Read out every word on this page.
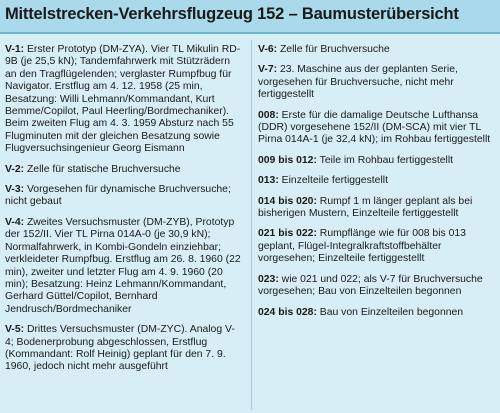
Mittelstrecken-Verkehrsflugzeug 152 – Baumusterübersicht

V-1: Erster Prototyp (DM-ZYA). Vier TL Mikulin RD-9B (je 25,5 kN); Tandemfahrwerk mit Stützrädern an den Tragflügelenden; verglaster Rumpfbug für Navigator. Erstflug am 4. 12. 1958 (25 min, Besatzung: Willi Lehmann/Kommandant, Kurt Bemme/Copilot, Paul Heerling/Bordmechaniker). Beim zweiten Flug am 4. 3. 1959 Absturz nach 55 Flugminuten mit der gleichen Besatzung sowie Flugversuchsingenieur Georg Eismann

V-2: Zelle für statische Bruchversuche

V-3: Vorgesehen für dynamische Bruchversuche; nicht gebaut

V-4: Zweites Versuchsmuster (DM-ZYB), Prototyp der 152/II. Vier TL Pirna 014A-0 (je 30,9 kN); Normalfahrwerk, in Kombi-Gondeln einziehbar; verkleideter Rumpfbug. Erstflug am 26. 8. 1960 (22 min), zweiter und letzter Flug am 4. 9. 1960 (20 min); Besatzung: Heinz Lehmann/Kommandant, Gerhard Güttel/Copilot, Bernhard Jendrusch/Bordmechaniker

V-5: Drittes Versuchsmuster (DM-ZYC). Analog V-4; Bodenerprobung abgeschlossen, Erstflug (Kommandant: Rolf Heinig) geplant für den 7. 9. 1960, jedoch nicht mehr ausgeführt

V-6: Zelle für Bruchversuche

V-7: 23. Maschine aus der geplanten Serie, vorgesehen für Bruchversuche, nicht mehr fertiggestellt

008: Erste für die damalige Deutsche Lufthansa (DDR) vorgesehene 152/II (DM-SCA) mit vier TL Pirna 014A-1 (je 32,4 kN); im Rohbau fertiggestellt

009 bis 012: Teile im Rohbau fertiggestellt

013: Einzelteile fertiggestellt

014 bis 020: Rumpf 1 m länger geplant als bei bisherigen Mustern, Einzelteile fertiggestellt

021 bis 022: Rumpflänge wie für 008 bis 013 geplant, Flügel-Integralkraftstoffbehälter vorgesehen; Einzelteile fertiggestellt

023: wie 021 und 022; als V-7 für Bruchversuche vorgesehen; Bau von Einzelteilen begonnen

024 bis 028: Bau von Einzelteilen begonnen
